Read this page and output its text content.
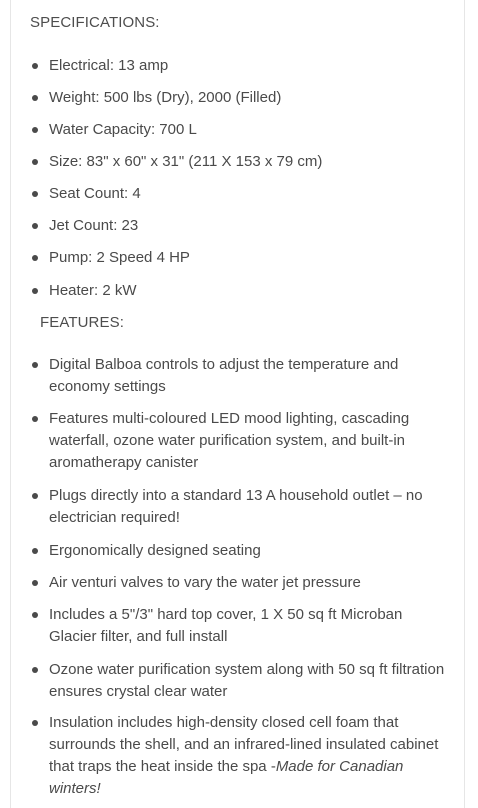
SPECIFICATIONS:
Electrical: 13 amp
Weight: 500 lbs (Dry), 2000 (Filled)
Water Capacity: 700 L
Size: 83" x 60" x 31" (211 X 153 x 79 cm)
Seat Count: 4
Jet Count: 23
Pump: 2 Speed 4 HP
Heater: 2 kW
FEATURES:
Digital Balboa controls to adjust the temperature and economy settings
Features multi-coloured LED mood lighting, cascading waterfall, ozone water purification system, and built-in aromatherapy canister
Plugs directly into a standard 13 A household outlet – no electrician required!
Ergonomically designed seating
Air venturi valves to vary the water jet pressure
Includes a 5"/3" hard top cover, 1 X 50 sq ft Microban Glacier filter, and full install
Ozone water purification system along with 50 sq ft filtration ensures crystal clear water
Insulation includes high-density closed cell foam that surrounds the shell, and an infrared-lined insulated cabinet that traps the heat inside the spa -Made for Canadian winters!
